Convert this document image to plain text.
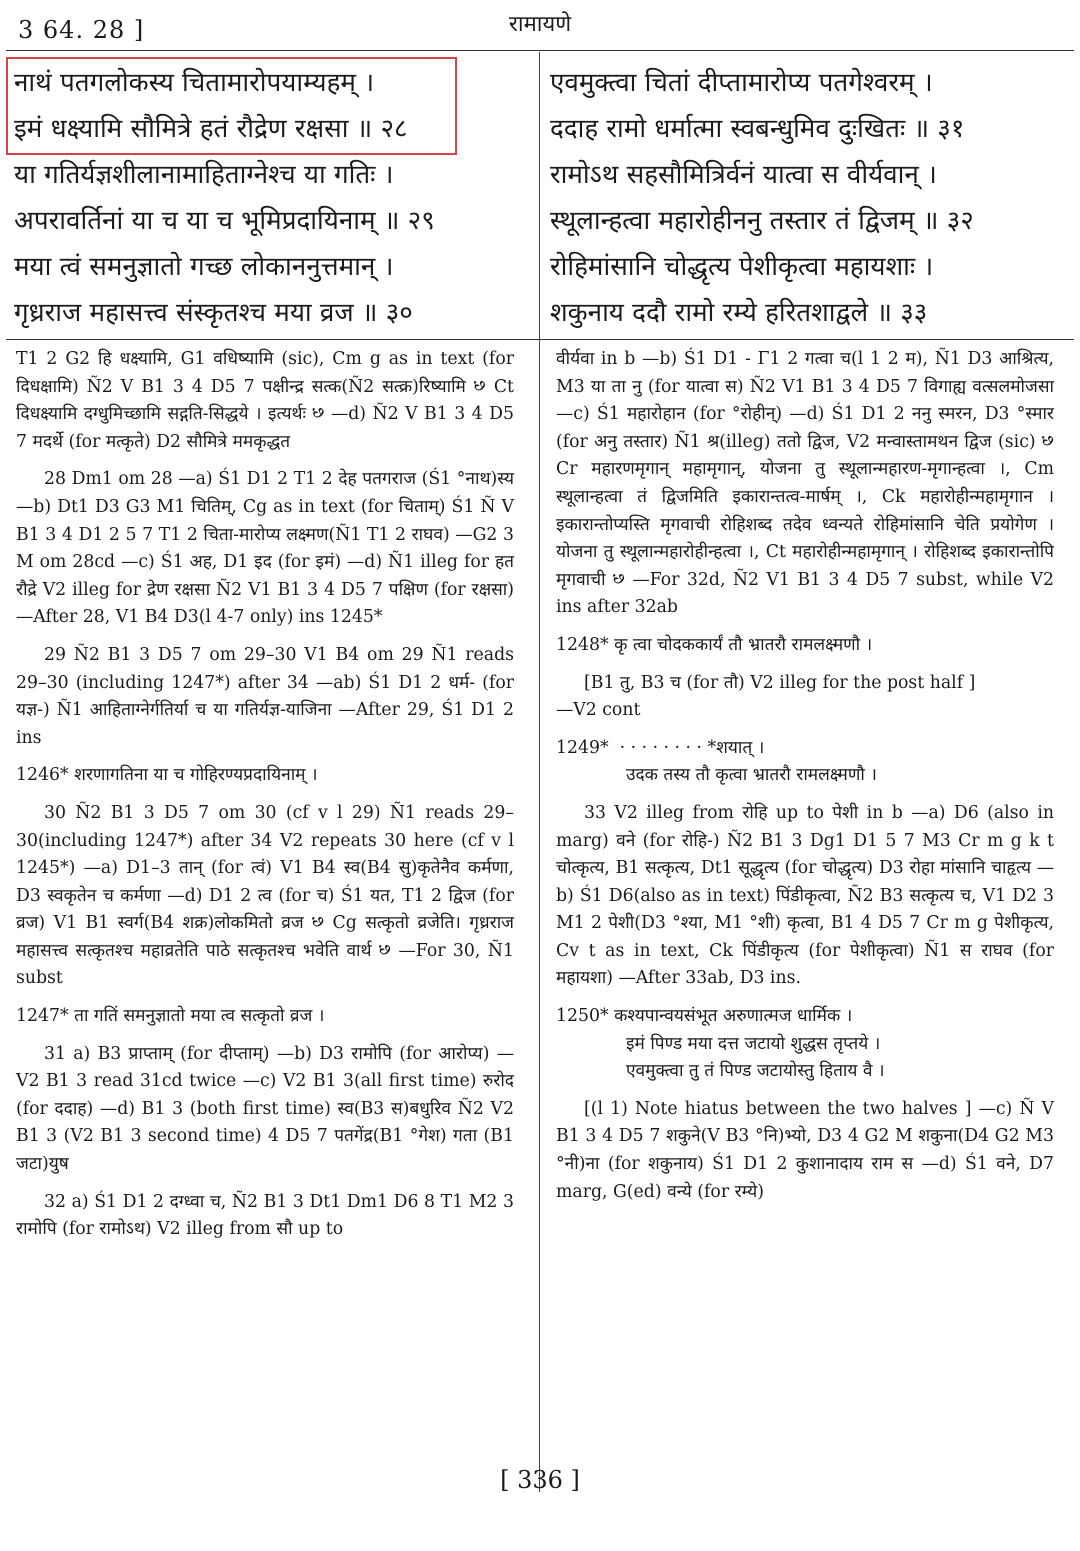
3 64. 28 ]	रामायणे
नाथं पतगलोकस्य चितामारोपयाम्यहम् ।
इमं धक्ष्यामि सौमित्रे हतं रौद्रेण रक्षसा ॥ २८
या गतिर्यज्ञशीलानामाहिताग्नेश्च या गतिः ।
अपरावर्तिनां या च या च भूमिप्रदायिनाम् ॥ २९
मया त्वं समनुज्ञातो गच्छ लोकाननुत्तमान् ।
गृध्रराज महासत्त्व संस्कृतश्च मया व्रज ॥ ३०
एवमुक्त्वा चितां दीप्तामारोप्य पतगेश्वरम् ।
ददाह रामो धर्मात्मा स्वबन्धुमिव दुःखितः ॥ ३१
रामोऽथ सहसौमित्रिर्वनं यात्वा स वीर्यवान् ।
स्थूलान्हत्वा महारोहीननु तस्तार तं द्विजम् ॥ ३२
रोहिमांसानि चोद्धृत्य पेशीकृत्वा महायशाः ।
शकुनाय ददौ रामो रम्ये हरितशाद्वले ॥ ३३
T1 2 G2 हि धक्ष्यामि, G1 वधिष्यामि (sic), Cm g as in text (for दिधक्षामि) Ñ2 V B1 3 4 D5 7 पक्षीन्द्र सत्क(Ñ2 सत्क्र)रिष्यामि ꣸ Ct दिधक्ष्यामि दग्धुमिच्छामि सद्गति-सिद्धये । इत्यर्थः ꣸ —d) Ñ2 V B1 3 4 D5 7 मदर्थे (for मत्कृते) D2 सौमित्रे ममकृद्धत
28 Dm1 om 28 —a) Ś1 D1 2 T1 2 देह पतगराज (Ś1 °नाथ)स्य —b) Dt1 D3 G3 M1 चितिम्, Cg as in text (for चिताम्) Ś1 Ñ V B1 3 4 D1 2 5 7 T1 2 चिता-मारोप्य लक्ष्मण(Ñ1 T1 2 राघव) —G2 3 M om 28cd —c) Ś1 अह, D1 इद (for इमं) —d) Ñ1 illeg for हत रौद्रे V2 illeg for द्रेण रक्षसा Ñ2 V1 B1 3 4 D5 7 पक्षिण (for रक्षसा) —After 28, V1 B4 D3(l 4-7 only) ins 1245*
29 Ñ2 B1 3 D5 7 om 29–30 V1 B4 om 29 Ñ1 reads 29–30 (including 1247*) after 34 —ab) Ś1 D1 2 धर्म- (for यज्ञ-) Ñ1 आहिताग्नेर्गतिर्या च या गतिर्यज्ञ-याजिना —After 29, Ś1 D1 2 ins
1246* शरणागतिना या च गोहिरण्यप्रदायिनाम् ।
30 Ñ2 B1 3 D5 7 om 30 (cf v l 29) Ñ1 reads 29–30(including 1247*) after 34 V2 repeats 30 here (cf v l 1245*) —a) D1–3 तान् (for त्वं) V1 B4 स्व(B4 सु)कृतेनैव कर्मणा, D3 स्वकृतेन च कर्मणा —d) D1 2 त्व (for च) Ś1 यत, T1 2 द्विज (for व्रज) V1 B1 स्वर्ग(B4 शक्र)लोकमितो व्रज ꣸ Cg सत्कृतो व्रजेति। गृध्रराज महासत्त्व सत्कृतश्च महाव्रतेति पाठे सत्कृतश्च भवेति वार्थ ꣸ —For 30, Ñ1 subst
1247* ता गतिं समनुज्ञातो मया त्व सत्कृतो व्रज ।
31 a) B3 प्राप्ताम् (for दीप्ताम्) —b) D3 रामोपि (for आरोप्य) —V2 B1 3 read 31cd twice —c) V2 B1 3(all first time) रुरोद (for ददाह) —d) B1 3 (both first time) स्व(B3 स)बधुरिव Ñ2 V2 B1 3 (V2 B1 3 second time) 4 D5 7 पतगेंद्र(B1 °गेश) गता (B1 जटा)युष
32 a) Ś1 D1 2 दग्ध्वा च, Ñ2 B1 3 Dt1 Dm1 D6 8 T1 M2 3 रामोपि (for रामोऽथ) V2 illeg from सौ up to
वीर्यवा in b —b) Ś1 D1 - Γ1 2 गत्वा च(l 1 2 म), Ñ1 D3 आश्रित्य, M3 या ता नु (for यात्वा स) Ñ2 V1 B1 3 4 D5 7 विगाह्य वत्सलमोजसा —c) Ś1 महारोहान (for °रोहीन्) —d) Ś1 D1 2 ननु स्मरन, D3 °स्मार (for अनु तस्तार) Ñ1 श्र(illeg) ततो द्विज, V2 मन्वास्तामथन द्विज (sic) ꣸ Cr महारणमृगान् महामृगान्, योजना तु स्थूलान्महारण-मृगान्हत्वा ।, Cm स्थूलान्हत्वा तं द्विजमिति इकारान्तत्व-मार्षम् ।, Ck महारोहीन्महामृगान । इकारान्तोप्यस्ति मृगवाची रोहिशब्द तदेव ध्वन्यते रोहिमांसानि चेति प्रयोगेण । योजना तु स्थूलान्महारोहीन्हत्वा ।, Ct महारोहीन्महामृगान् । रोहिशब्द इकारान्तोपि मृगवाची ꣸ —For 32d, Ñ2 V1 B1 3 4 D5 7 subst, while V2 ins after 32ab
1248* कृ त्वा चोदककार्यं तौ भ्रातरौ रामलक्ष्मणौ ।
[B1 तु, B3 च (for तौ) V2 illeg for the post half ]
—V2 cont
1249*  · · · · · · · · *शयात् ।
उदक तस्य तौ कृत्वा भ्रातरौ रामलक्ष्मणौ ।
33 V2 illeg from रोहि up to पेशी in b —a) D6 (also in marg) वने (for रोहि-) Ñ2 B1 3 Dg1 D1 5 7 M3 Cr m g k t चोत्कृत्य, B1 सत्कृत्य, Dt1 सूद्धृत्य (for चोद्धृत्य) D3 रोहा मांसानि चाहृत्य —b) Ś1 D6(also as in text) पिंडीकृत्वा, Ñ2 B3 सत्कृत्य च, V1 D2 3 M1 2 पेशी(D3 °श्या, M1 °शी) कृत्वा, B1 4 D5 7 Cr m g पेशीकृत्य, Cv t as in text, Ck पिंडीकृत्य (for पेशीकृत्वा) Ñ1 स राघव (for महायशा) —After 33ab, D3 ins.
1250* कश्यपान्वयसंभूत अरुणात्मज धार्मिक ।
इमं पिण्ड मया दत्त जटायो शुद्धस तृप्तये ।
एवमुक्त्वा तु तं पिण्ड जटायोस्तु हिताय वै ।
[(l 1) Note hiatus between the two halves ] —c) Ñ V B1 3 4 D5 7 शकुने(V B3 °नि)भ्यो, D3 4 G2 M शकुना(D4 G2 M3 °नी)ना (for शकुनाय) Ś1 D1 2 कुशानादाय राम स —d) Ś1 वने, D7 marg, G(ed) वन्ये (for रम्ये)
[ 336 ]
